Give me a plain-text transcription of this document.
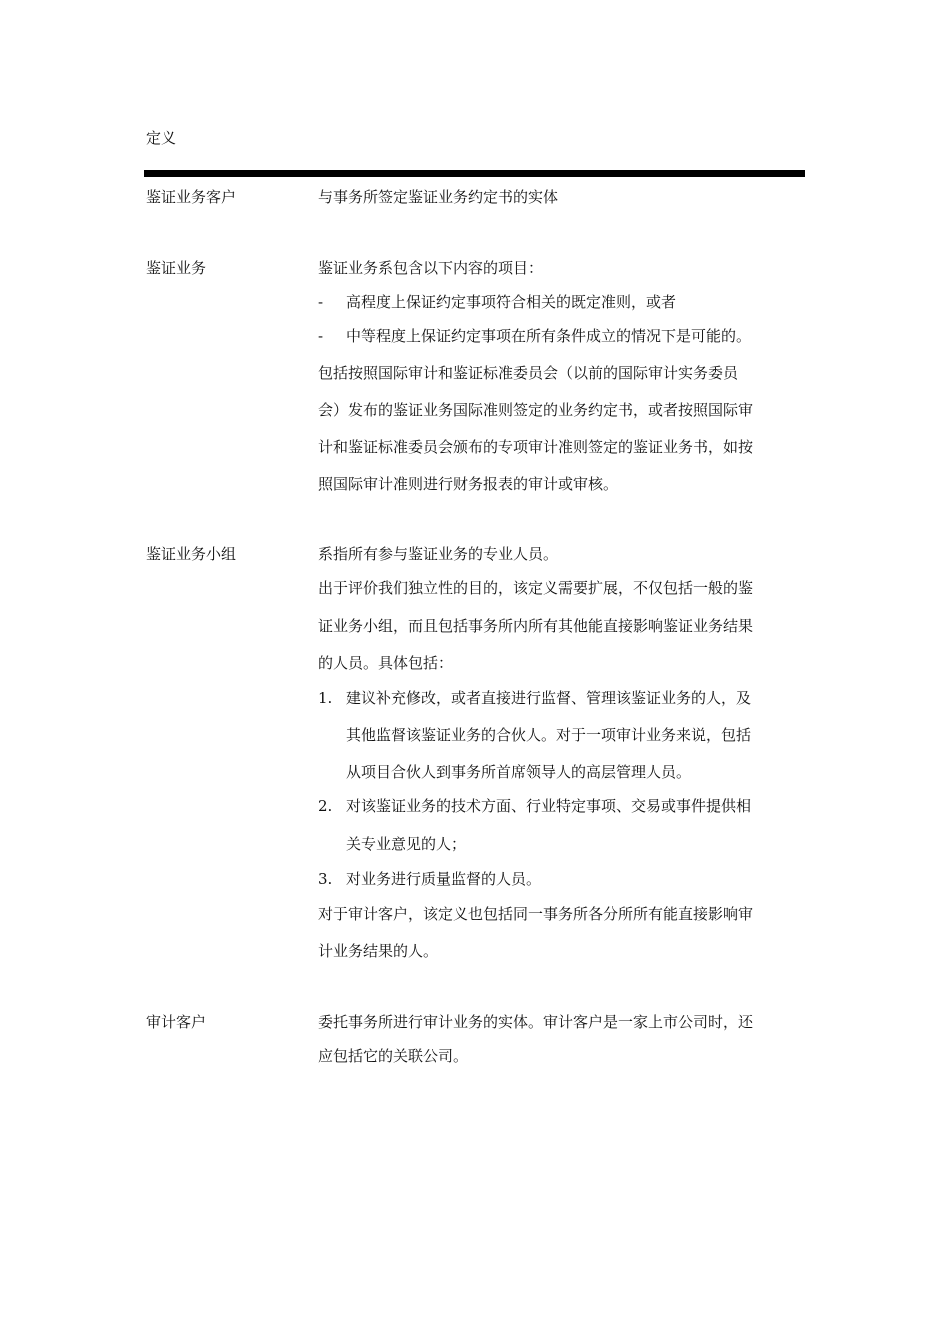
定义
鉴证业务客户	与事务所签定鉴证业务约定书的实体
鉴证业务	鉴证业务系包含以下内容的项目：
- 高程度上保证约定事项符合相关的既定准则，或者
- 中等程度上保证约定事项在所有条件成立的情况下是可能的。
包括按照国际审计和鉴证标准委员会（以前的国际审计实务委员
会）发布的鉴证业务国际准则签定的业务约定书，或者按照国际审
计和鉴证标准委员会颁布的专项审计准则签定的鉴证业务书，如按
照国际审计准则进行财务报表的审计或审核。
鉴证业务小组	系指所有参与鉴证业务的专业人员。
出于评价我们独立性的目的，该定义需要扩展，不仅包括一般的鉴
证业务小组，而且包括事务所内所有其他能直接影响鉴证业务结果
的人员。具体包括：
1. 建议补充修改，或者直接进行监督、管理该鉴证业务的人，及
其他监督该鉴证业务的合伙人。对于一项审计业务来说，包括
从项目合伙人到事务所首席领导人的高层管理人员。
2. 对该鉴证业务的技术方面、行业特定事项、交易或事件提供相
关专业意见的人；
3. 对业务进行质量监督的人员。
对于审计客户，该定义也包括同一事务所各分所所有能直接影响审
计业务结果的人。
审计客户	委托事务所进行审计业务的实体。审计客户是一家上市公司时，还
应包括它的关联公司。
